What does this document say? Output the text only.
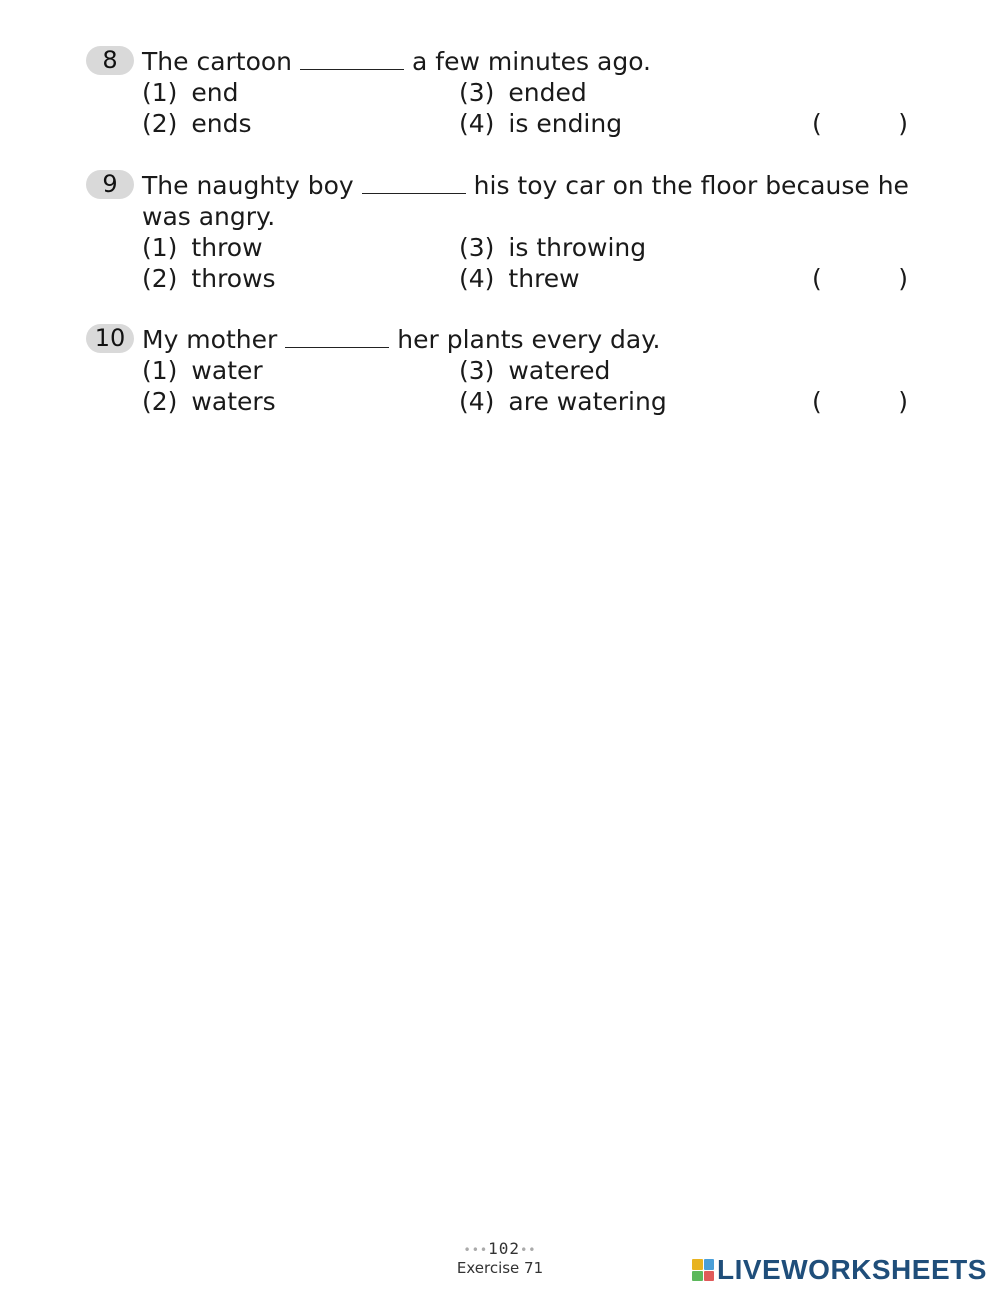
8 The cartoon	a few minutes ago.
(1) end
(2) ends
(3) ended
(4) is ending	(	)
9 The naughty boy	his toy car on the floor because he
was angry.
(1) throw
(2) throws
(3) is throwing
(4) threw	(	)
10 My mother	her plants every day.
(1) water
(2) waters
(3) watered
(4) are watering	(	)
•••102••
Exercise 71	LIVEWORKSHEETS
